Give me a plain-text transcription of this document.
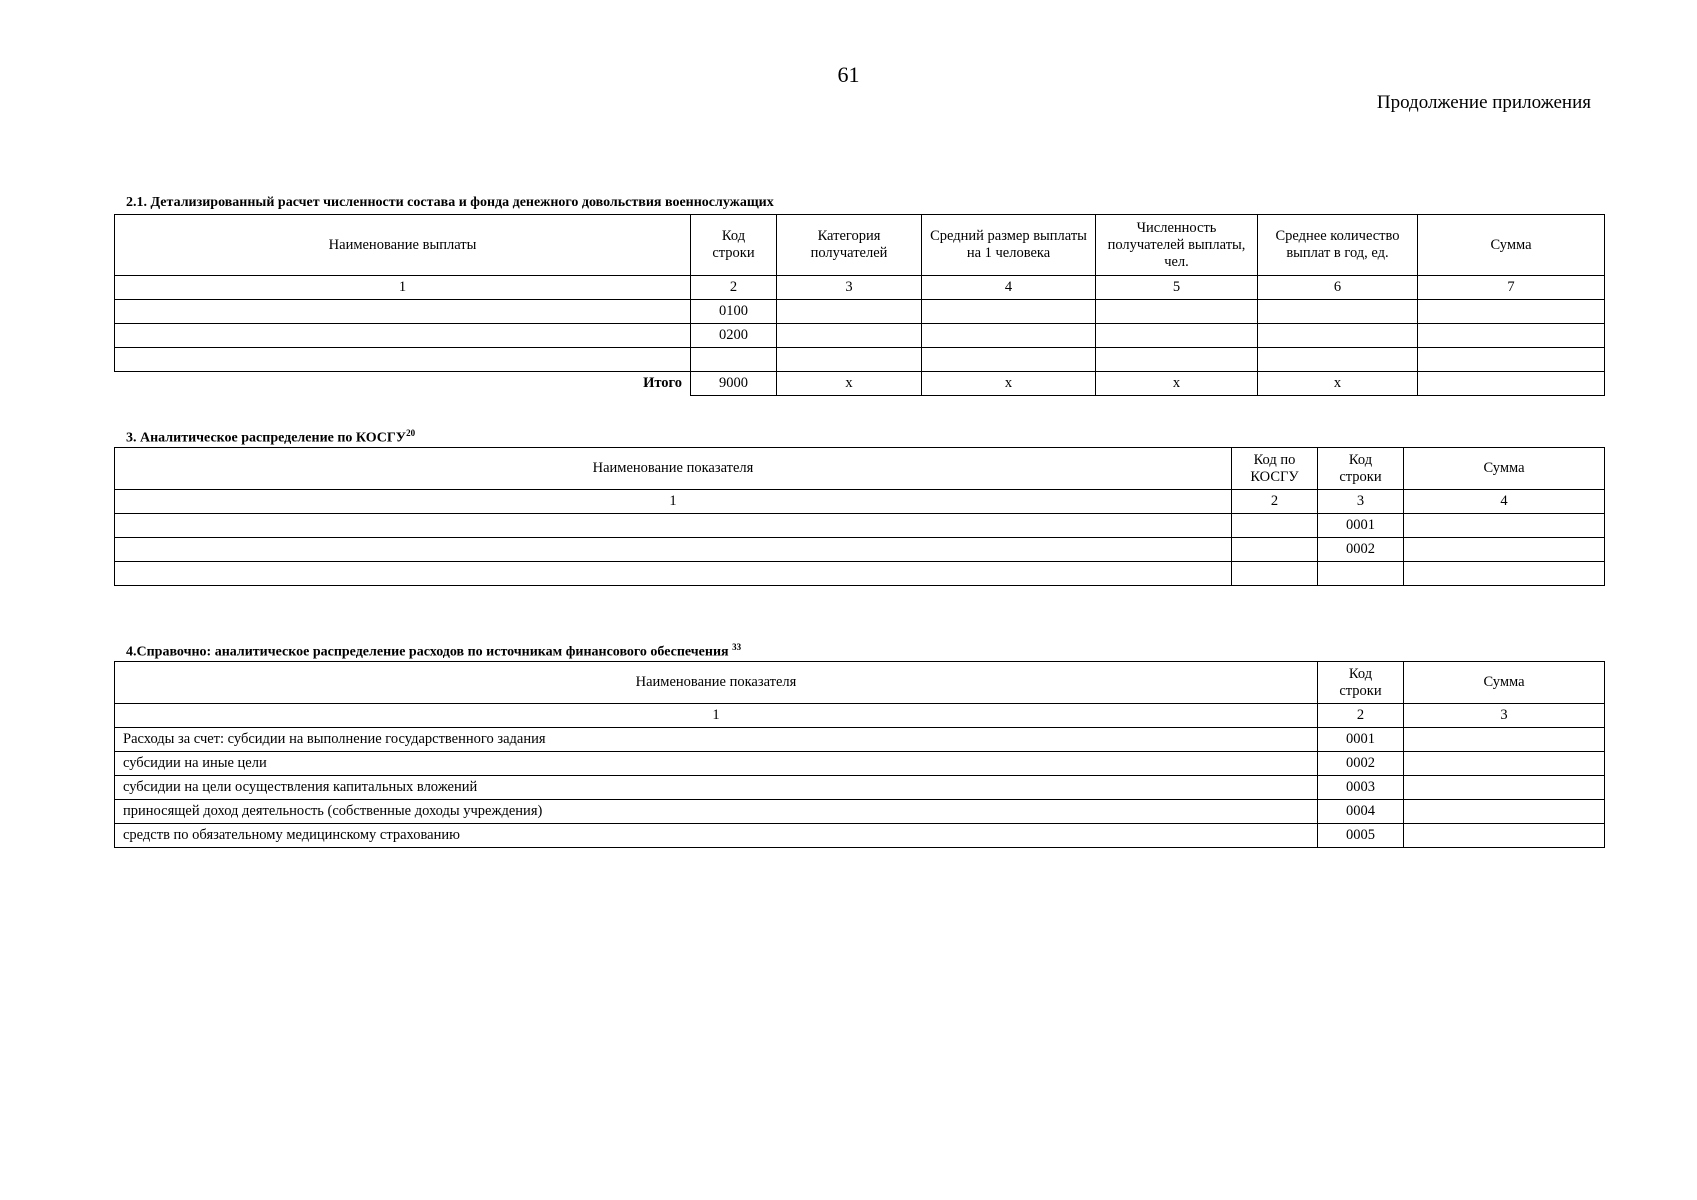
61
Продолжение приложения
2.1. Детализированный расчет численности состава и фонда денежного довольствия военнослужащих
Наименование выплаты	Код строки	Категория получателей	Средний размер выплаты на 1 человека	Численность получателей выплаты, чел.	Среднее количество выплат в год, ед.	Сумма
1	2	3	4	5	6	7
	0100					
	0200					

Итого	9000	х	х	х	х	
3. Аналитическое распределение по КОСГУ$^{20}$
Наименование показателя	Код по КОСГУ	Код строки	Сумма
1	2	3	4
		0001	
		0002	

4.Справочно: аналитическое распределение расходов по источникам финансового обеспечения $^{33}$
Наименование показателя	Код строки	Сумма
1	2	3
Расходы за счет: субсидии на выполнение государственного задания	0001	
субсидии на иные цели	0002	
субсидии на цели осуществления капитальных вложений	0003	
приносящей доход деятельность (собственные доходы учреждения)	0004	
средств по обязательному медицинскому страхованию	0005	
